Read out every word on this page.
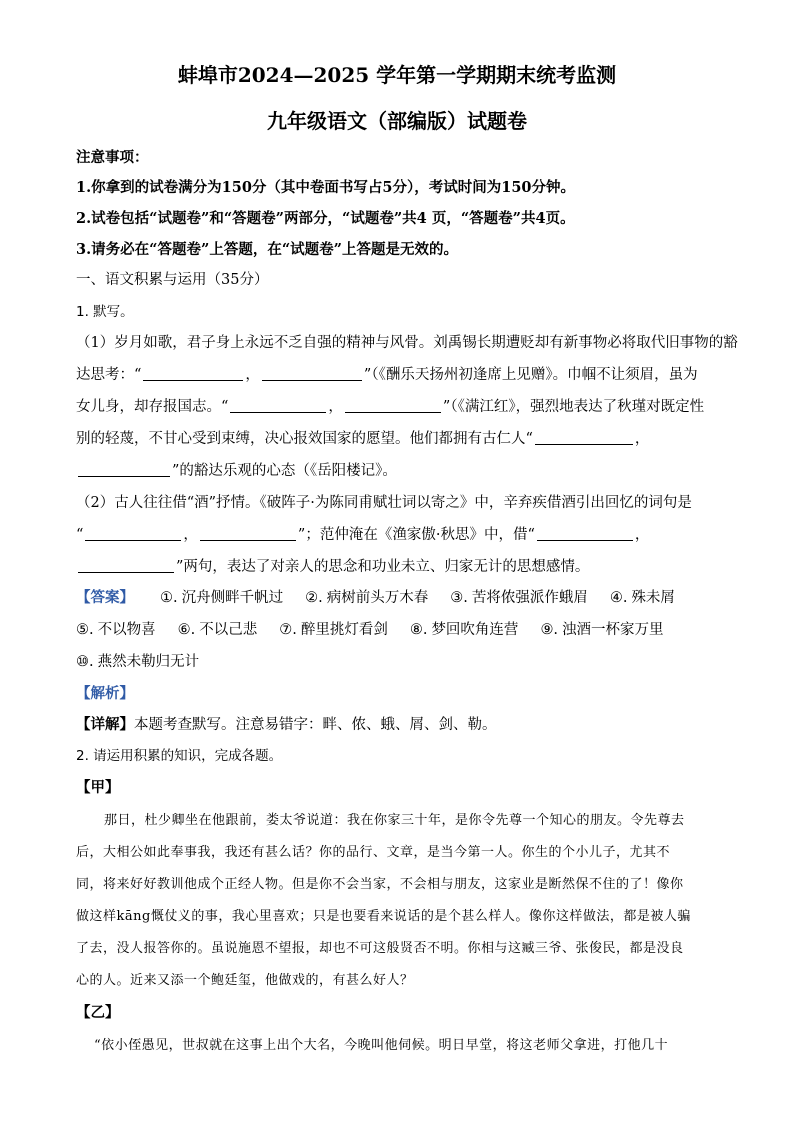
蚌埠市2024—2025 学年第一学期期末统考监测
九年级语文（部编版）试题卷
注意事项：
1.你拿到的试卷满分为150分（其中卷面书写占5分），考试时间为150分钟。
2.试卷包括“试题卷”和“答题卷”两部分，“试题卷”共4 页，“答题卷”共4页。
3.请务必在“答题卷”上答题，在“试题卷”上答题是无效的。
一、语文积累与运用（35分）
1. 默写。
（1）岁月如歌，君子身上永远不乏自强的精神与风骨。刘禹锡长期遭贬却有新事物必将取代旧事物的豁
达思考：“	，	”（《酬乐天扬州初逢席上见赠》。巾帼不让须眉，虽为
女儿身，却存报国志。“	，	”（《满江红》，强烈地表达了秋瑾对既定性
别的轻蔑，不甘心受到束缚，决心报效国家的愿望。他们都拥有古仁人“	，
”的豁达乐观的心态（《岳阳楼记》。
（2）古人往往借“酒”抒情。《破阵子·为陈同甫赋壮词以寄之》中，辛弃疾借酒引出回忆的词句是
“	，	”；范仲淹在《渔家傲·秋思》中，借“	，
”两句，表达了对亲人的思念和功业未立、归家无计的思想感情。
【答案】 ①. 沉舟侧畔千帆过 ②. 病树前头万木春 ③. 苦将侬强派作蛾眉 ④. 殊未屑
⑤. 不以物喜 ⑥. 不以己悲 ⑦. 醉里挑灯看剑 ⑧. 梦回吹角连营 ⑨. 浊酒一杯家万里
⑩. 燕然未勒归无计
【解析】
【详解】本题考查默写。注意易错字：畔、侬、蛾、屑、剑、勒。
2. 请运用积累的知识，完成各题。
【甲】
那日，杜少卿坐在他跟前，娄太爷说道：我在你家三十年，是你令先尊一个知心的朋友。令先尊去
后，大相公如此奉事我，我还有甚么话？你的品行、文章，是当今第一人。你生的个小儿子，尤其不
同，将来好好教训他成个正经人物。但是你不会当家，不会相与朋友，这家业是断然保不住的了！像你
做这样kāng慨仗义的事，我心里喜欢；只是也要看来说话的是个甚么样人。像你这样做法，都是被人骗
了去，没人报答你的。虽说施恩不望报，却也不可这般贤否不明。你相与这臧三爷、张俊民，都是没良
心的人。近来又添一个鲍廷玺，他做戏的，有甚么好人？
【乙】
“依小侄愚见，世叔就在这事上出个大名，今晚叫他伺候。明日早堂，将这老师父拿进，打他几十
